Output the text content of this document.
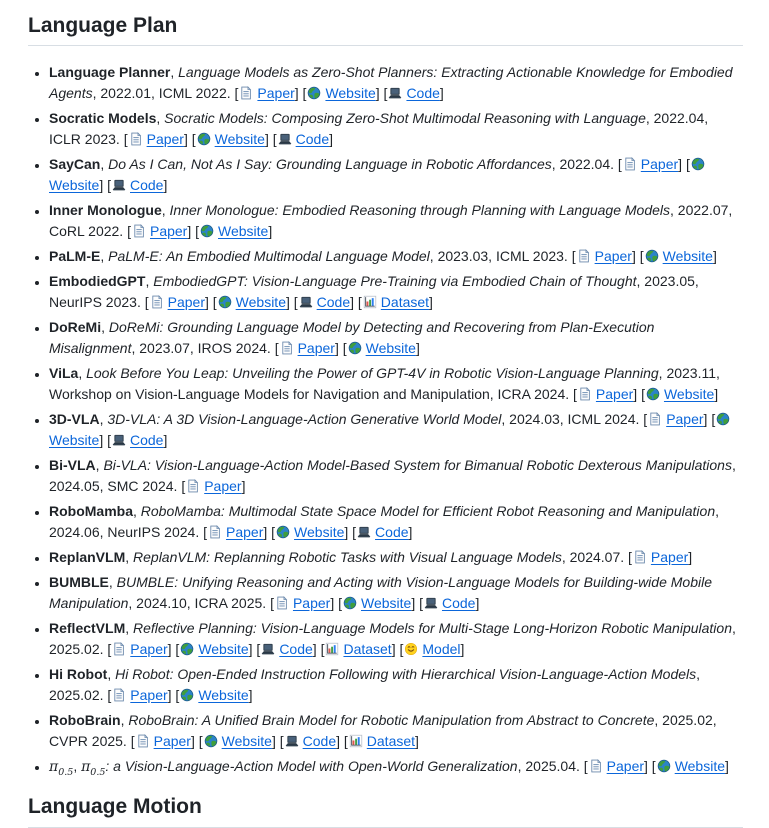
Language Plan
• Language Planner, Language Models as Zero-Shot Planners: Extracting Actionable Knowledge for Embodied Agents, 2022.01, ICML 2022. [ Paper] [ Website] [ Code]
• Socratic Models, Socratic Models: Composing Zero-Shot Multimodal Reasoning with Language, 2022.04, ICLR 2023. [ Paper] [ Website] [ Code]
• SayCan, Do As I Can, Not As I Say: Grounding Language in Robotic Affordances, 2022.04. [ Paper] [
Website] [ Code]
• Inner Monologue, Inner Monologue: Embodied Reasoning through Planning with Language Models, 2022.07, CoRL 2022. [ Paper] [ Website]
• PaLM-E, PaLM-E: An Embodied Multimodal Language Model, 2023.03, ICML 2023. [ Paper] [ Website]
• EmbodiedGPT, EmbodiedGPT: Vision-Language Pre-Training via Embodied Chain of Thought, 2023.05, NeurIPS 2023. [ Paper] [ Website] [ Code] [ Dataset]
• DoReMi, DoReMi: Grounding Language Model by Detecting and Recovering from Plan-Execution Misalignment, 2023.07, IROS 2024. [ Paper] [ Website]
• ViLa, Look Before You Leap: Unveiling the Power of GPT-4V in Robotic Vision-Language Planning, 2023.11, Workshop on Vision-Language Models for Navigation and Manipulation, ICRA 2024. [ Paper] [ Website]
• 3D-VLA, 3D-VLA: A 3D Vision-Language-Action Generative World Model, 2024.03, ICML 2024. [ Paper] [
Website] [ Code]
• Bi-VLA, Bi-VLA: Vision-Language-Action Model-Based System for Bimanual Robotic Dexterous Manipulations, 2024.05, SMC 2024. [ Paper]
• RoboMamba, RoboMamba: Multimodal State Space Model for Efficient Robot Reasoning and Manipulation, 2024.06, NeurIPS 2024. [ Paper] [ Website] [ Code]
• ReplanVLM, ReplanVLM: Replanning Robotic Tasks with Visual Language Models, 2024.07. [ Paper]
• BUMBLE, BUMBLE: Unifying Reasoning and Acting with Vision-Language Models for Building-wide Mobile Manipulation, 2024.10, ICRA 2025. [ Paper] [ Website] [ Code]
• ReflectVLM, Reflective Planning: Vision-Language Models for Multi-Stage Long-Horizon Robotic Manipulation, 2025.02. [ Paper] [ Website] [ Code] [ Dataset] [ Model]
• Hi Robot, Hi Robot: Open-Ended Instruction Following with Hierarchical Vision-Language-Action Models, 2025.02. [ Paper] [ Website]
• RoboBrain, RoboBrain: A Unified Brain Model for Robotic Manipulation from Abstract to Concrete, 2025.02, CVPR 2025. [ Paper] [ Website] [ Code] [ Dataset]
• $\pi_{0.5}$, $\pi_{0.5}$: a Vision-Language-Action Model with Open-World Generalization, 2025.04. [ Paper] [ Website]
Language Motion
